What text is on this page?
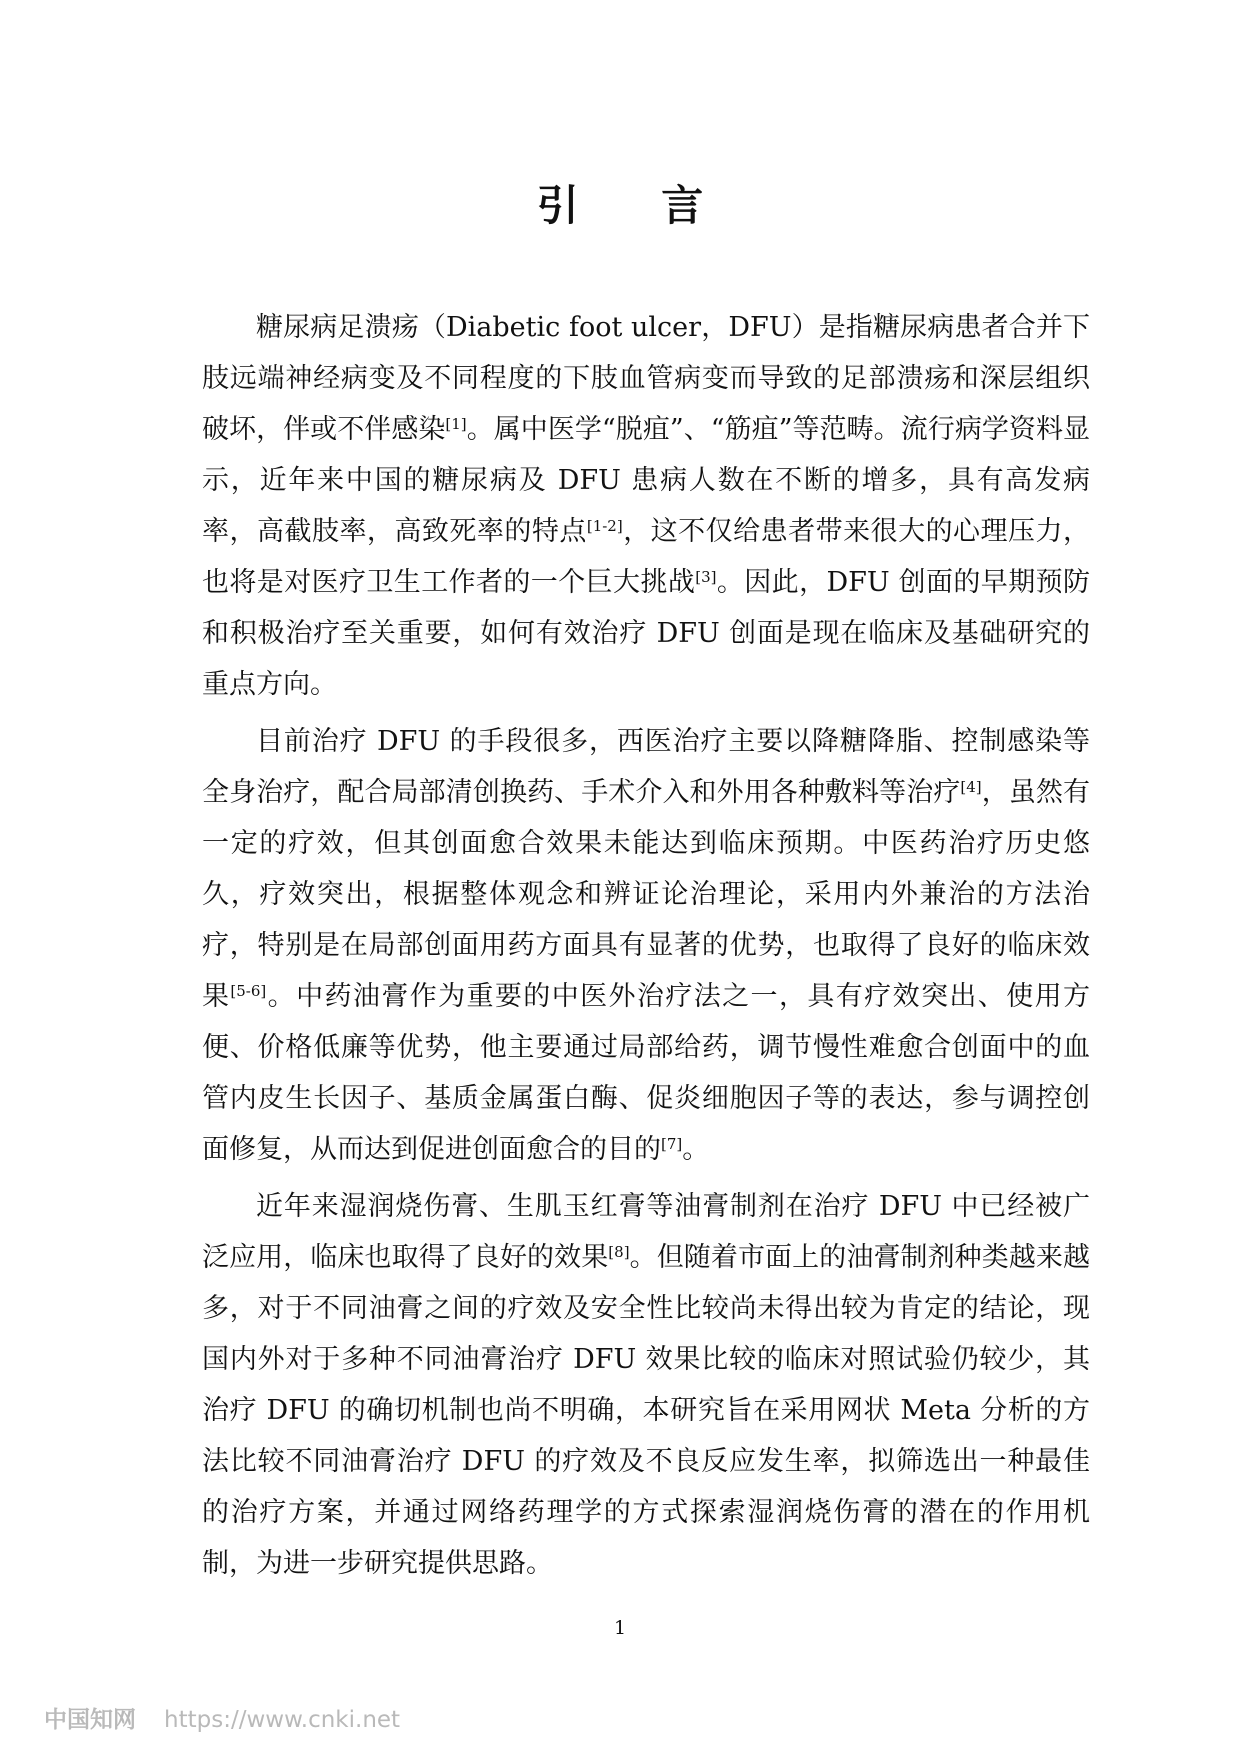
引 言

糖尿病足溃疡（Diabetic foot ulcer，DFU）是指糖尿病患者合并下肢远端神经病变及不同程度的下肢血管病变而导致的足部溃疡和深层组织破坏，伴或不伴感染[1]。属中医学“脱疽”、“筋疽”等范畴。流行病学资料显示，近年来中国的糖尿病及 DFU 患病人数在不断的增多，具有高发病率，高截肢率，高致死率的特点[1-2]，这不仅给患者带来很大的心理压力，也将是对医疗卫生工作者的一个巨大挑战[3]。因此，DFU 创面的早期预防和积极治疗至关重要，如何有效治疗 DFU 创面是现在临床及基础研究的重点方向。

目前治疗 DFU 的手段很多，西医治疗主要以降糖降脂、控制感染等全身治疗，配合局部清创换药、手术介入和外用各种敷料等治疗[4]，虽然有一定的疗效，但其创面愈合效果未能达到临床预期。中医药治疗历史悠久，疗效突出，根据整体观念和辨证论治理论，采用内外兼治的方法治疗，特别是在局部创面用药方面具有显著的优势，也取得了良好的临床效果[5-6]。中药油膏作为重要的中医外治疗法之一，具有疗效突出、使用方便、价格低廉等优势，他主要通过局部给药，调节慢性难愈合创面中的血管内皮生长因子、基质金属蛋白酶、促炎细胞因子等的表达，参与调控创面修复，从而达到促进创面愈合的目的[7]。

近年来湿润烧伤膏、生肌玉红膏等油膏制剂在治疗 DFU 中已经被广泛应用，临床也取得了良好的效果[8]。但随着市面上的油膏制剂种类越来越多，对于不同油膏之间的疗效及安全性比较尚未得出较为肯定的结论，现国内外对于多种不同油膏治疗 DFU 效果比较的临床对照试验仍较少，其治疗 DFU 的确切机制也尚不明确，本研究旨在采用网状 Meta 分析的方法比较不同油膏治疗 DFU 的疗效及不良反应发生率，拟筛选出一种最佳的治疗方案，并通过网络药理学的方式探索湿润烧伤膏的潜在的作用机制，为进一步研究提供思路。

1

中国知网 https://www.cnki.net
